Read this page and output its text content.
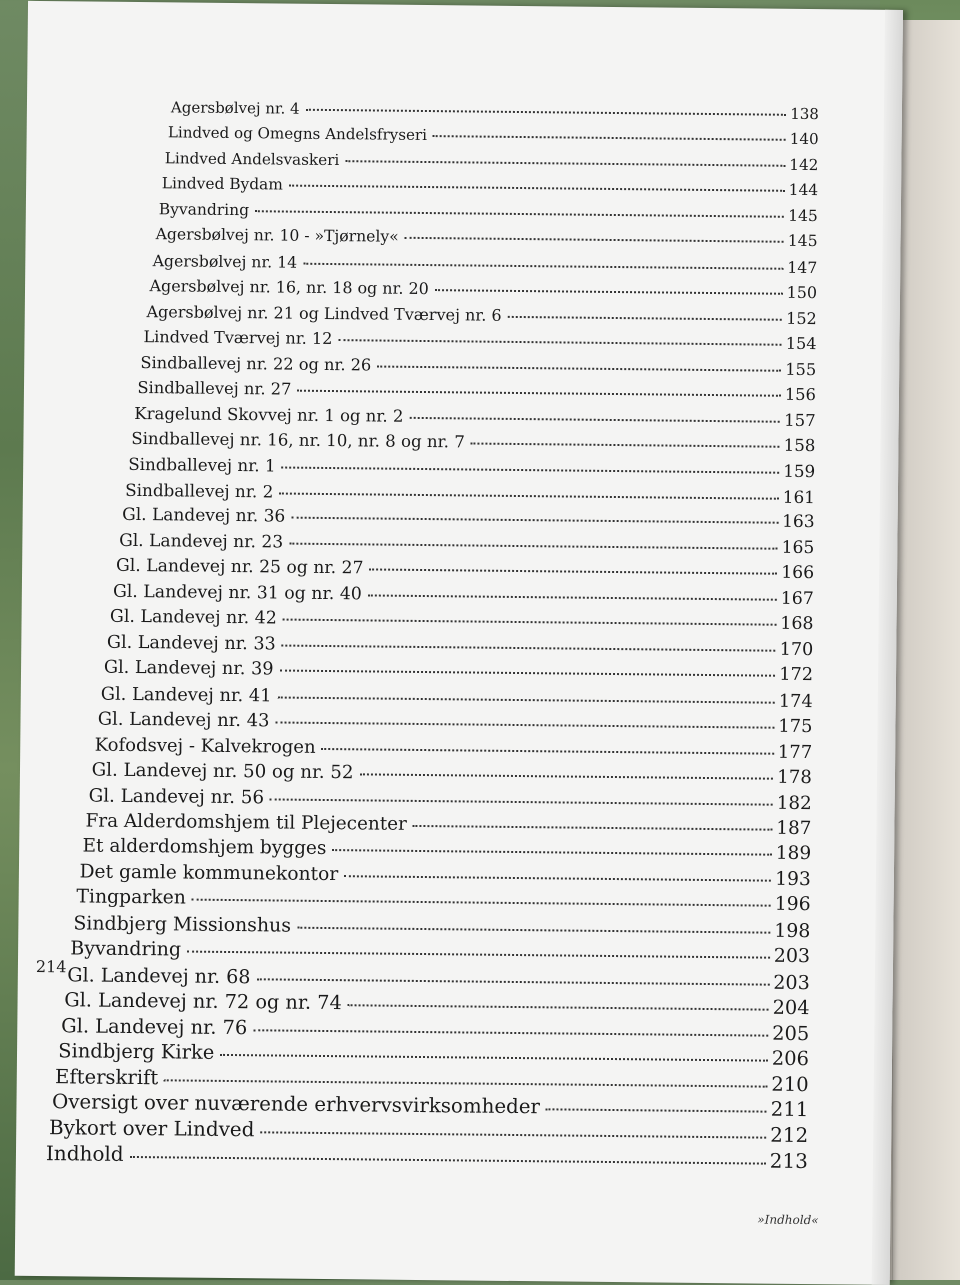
Agersbølvej nr. 4	138
Lindved og Omegns Andelsfryseri	140
Lindved Andelsvaskeri	142
Lindved Bydam	144
Byvandring	145
Agersbølvej nr. 10 - »Tjørnely«	145
Agersbølvej nr. 14	147
Agersbølvej nr. 16, nr. 18 og nr. 20	150
Agersbølvej nr. 21 og Lindved Tværvej nr. 6	152
Lindved Tværvej nr. 12	154
Sindballevej nr. 22 og nr. 26	155
Sindballevej nr. 27	156
Kragelund Skovvej nr. 1 og nr. 2	157
Sindballevej nr. 16, nr. 10, nr. 8 og nr. 7	158
Sindballevej nr. 1	159
Sindballevej nr. 2	161
Gl. Landevej nr. 36	163
Gl. Landevej nr. 23	165
Gl. Landevej nr. 25 og nr. 27	166
Gl. Landevej nr. 31 og nr. 40	167
Gl. Landevej nr. 42	168
Gl. Landevej nr. 33	170
Gl. Landevej nr. 39	172
Gl. Landevej nr. 41	174
Gl. Landevej nr. 43	175
Kofodsvej - Kalvekrogen	177
Gl. Landevej nr. 50 og nr. 52	178
Gl. Landevej nr. 56	182
Fra Alderdomshjem til Plejecenter	187
Et alderdomshjem bygges	189
Det gamle kommunekontor	193
Tingparken	196
Sindbjerg Missionshus	198
Byvandring	203
Gl. Landevej nr. 68	203
Gl. Landevej nr. 72 og nr. 74	204
Gl. Landevej nr. 76	205
Sindbjerg Kirke	206
Efterskrift	210
Oversigt over nuværende erhvervsvirksomheder	211
Bykort over Lindved	212
Indhold	213
214
»Indhold«
